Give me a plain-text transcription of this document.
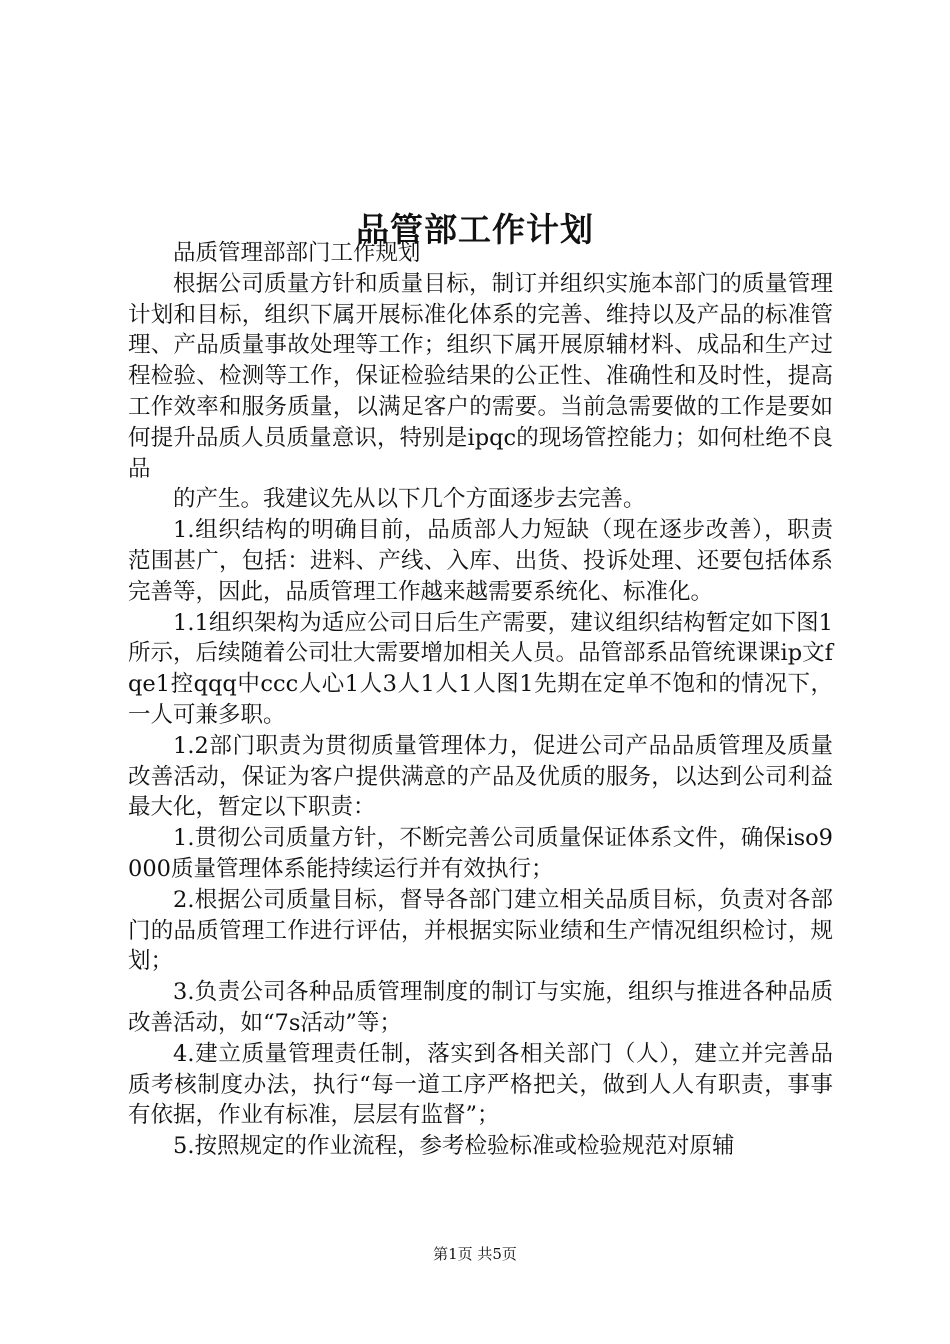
品管部工作计划

品质管理部部门工作规划

根据公司质量方针和质量目标，制订并组织实施本部门的质量管理计划和目标，组织下属开展标准化体系的完善、维持以及产品的标准管理、产品质量事故处理等工作；组织下属开展原辅材料、成品和生产过程检验、检测等工作，保证检验结果的公正性、准确性和及时性，提高工作效率和服务质量，以满足客户的需要。当前急需要做的工作是要如何提升品质人员质量意识，特别是ipqc的现场管控能力；如何杜绝不良品

的产生。我建议先从以下几个方面逐步去完善。

1.组织结构的明确目前，品质部人力短缺（现在逐步改善），职责范围甚广，包括：进料、产线、入库、出货、投诉处理、还要包括体系完善等，因此，品质管理工作越来越需要系统化、标准化。

1.1组织架构为适应公司日后生产需要，建议组织结构暂定如下图1所示，后续随着公司壮大需要增加相关人员。品管部系品管统课课ip文fqe1控qqq中ccc人心1人3人1人1人图1先期在定单不饱和的情况下，一人可兼多职。

1.2部门职责为贯彻质量管理体力，促进公司产品品质管理及质量改善活动，保证为客户提供满意的产品及优质的服务，以达到公司利益最大化，暂定以下职责：

1.贯彻公司质量方针，不断完善公司质量保证体系文件，确保iso9000质量管理体系能持续运行并有效执行；

2.根据公司质量目标，督导各部门建立相关品质目标，负责对各部门的品质管理工作进行评估，并根据实际业绩和生产情况组织检讨，规划；

3.负责公司各种品质管理制度的制订与实施，组织与推进各种品质改善活动，如“7s活动”等；

4.建立质量管理责任制，落实到各相关部门（人），建立并完善品质考核制度办法，执行“每一道工序严格把关，做到人人有职责，事事有依据，作业有标准，层层有监督”；

5.按照规定的作业流程，参考检验标准或检验规范对原辅

第1页 共5页
